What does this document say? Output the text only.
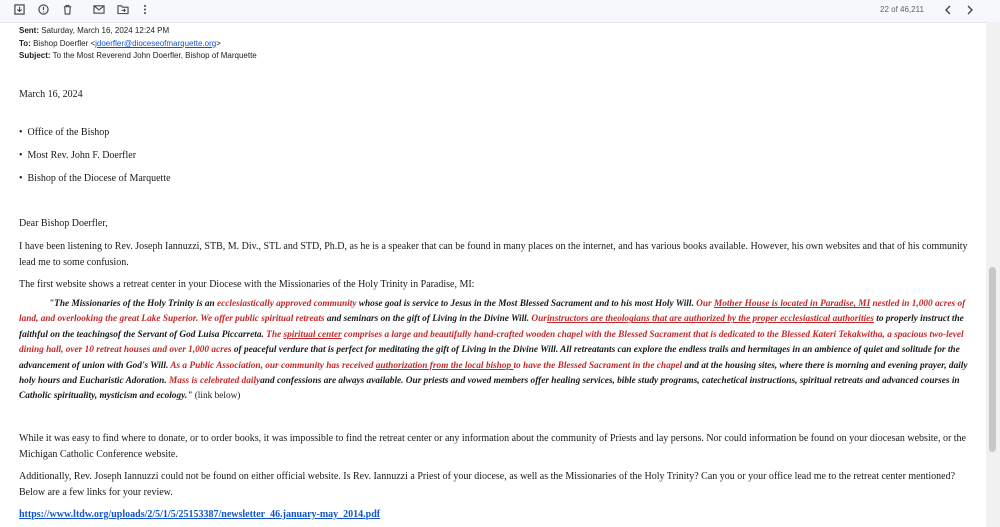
22 of 46,211
Sent: Saturday, March 16, 2024 12:24 PM
To: Bishop Doerfler <jdoerfler@dioceseofmarquette.org>
Subject: To the Most Reverend John Doerfler, Bishop of Marquette
March 16, 2024
• Office of the Bishop
• Most Rev. John F. Doerfler
• Bishop of the Diocese of Marquette
Dear Bishop Doerfler,
I have been listening to Rev. Joseph Iannuzzi, STB, M. Div., STL and STD, Ph.D, as he is a speaker that can be found in many places on the internet, and has various books available. However, his own websites and that of his community lead me to some confusion.
The first website shows a retreat center in your Diocese with the Missionaries of the Holy Trinity in Paradise, MI:
"The Missionaries of the Holy Trinity is an ecclesiastically approved community whose goal is service to Jesus in the Most Blessed Sacrament and to his most Holy Will. Our Mother House is located in Paradise, MI nestled in 1,000 acres of land, and overlooking the great Lake Superior. We offer public spiritual retreats and seminars on the gift of Living in the Divine Will. Ourinstructors are theologians that are authorized by the proper ecclesiastical authorities to properly instruct the faithful on the teachingsof the Servant of God Luisa Piccarreta. The spiritual center comprises a large and beautifully hand-crafted wooden chapel with the Blessed Sacrament that is dedicated to the Blessed Kateri Tekakwitha, a spacious two-level dining hall, over 10 retreat houses and over 1,000 acres of peaceful verdure that is perfect for meditating the gift of Living in the Divine Will. All retreatants can explore the endless trails and hermitages in an ambience of quiet and solitude for the advancement of union with God's Will. As a Public Association, our community has received authorization from the local bishop to have the Blessed Sacrament in the chapel and at the housing sites, where there is morning and evening prayer, daily holy hours and Eucharistic Adoration. Mass is celebrated dailyand confessions are always available. Our priests and vowed members offer healing services, bible study programs, catechetical instructions, spiritual retreats and advanced courses in Catholic spirituality, mysticism and ecology." (link below)
While it was easy to find where to donate, or to order books, it was impossible to find the retreat center or any information about the community of Priests and lay persons. Nor could information be found on your diocesan website, or the Michigan Catholic Conference website.
Additionally, Rev. Joseph Iannuzzi could not be found on either official website. Is Rev. Iannuzzi a Priest of your diocese, as well as the Missionaries of the Holy Trinity? Can you or your office lead me to the retreat center mentioned? Below are a few links for your review.
https://www.ltdw.org/uploads/2/5/1/5/25153387/newsletter_46.january-may_2014.pdf
